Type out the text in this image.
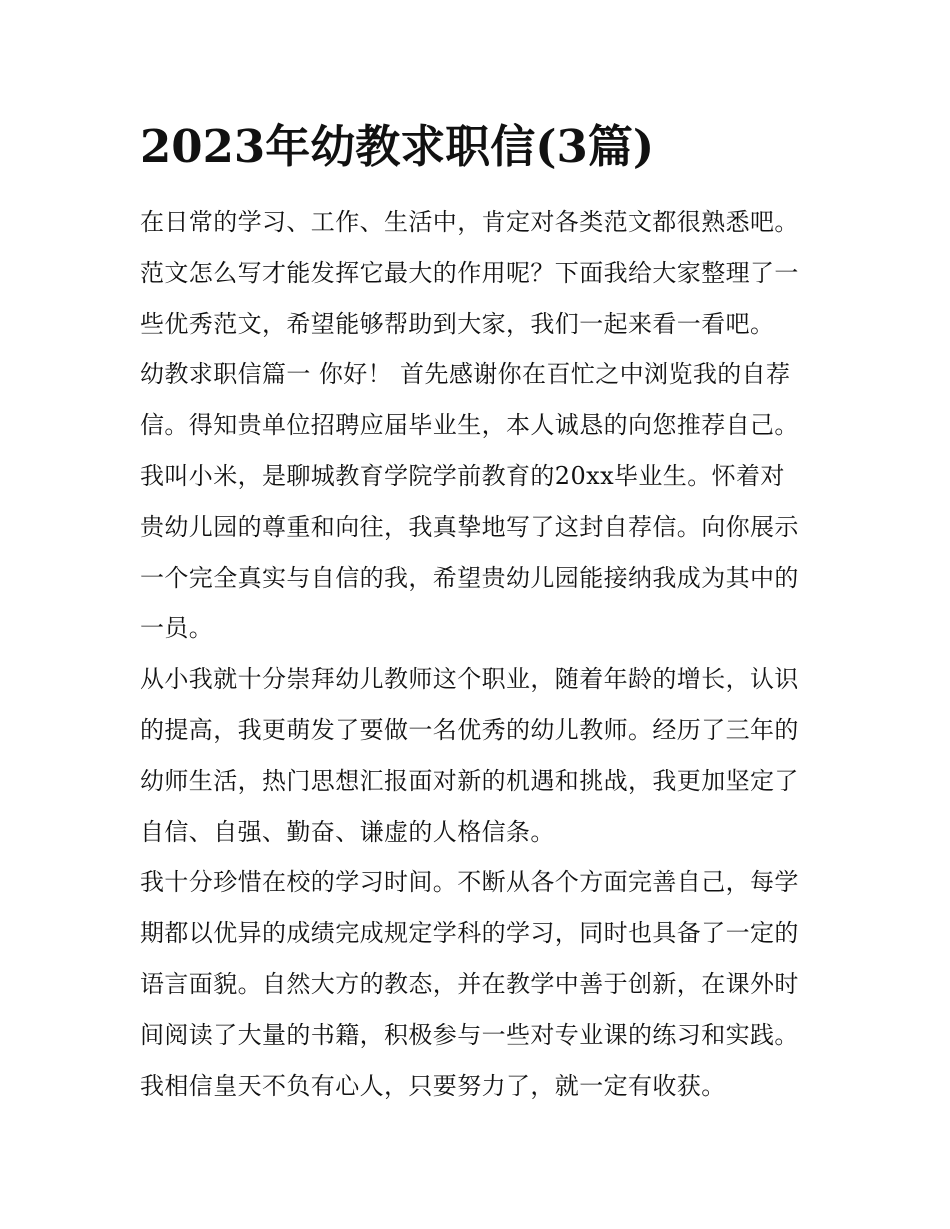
2023年幼教求职信(3篇)
在日常的学习、工作、生活中，肯定对各类范文都很熟悉吧。
范文怎么写才能发挥它最大的作用呢？下面我给大家整理了一
些优秀范文，希望能够帮助到大家，我们一起来看一看吧。
幼教求职信篇一 你好！ 首先感谢你在百忙之中浏览我的自荐
信。得知贵单位招聘应届毕业生，本人诚恳的向您推荐自己。
我叫小米，是聊城教育学院学前教育的20xx毕业生。怀着对
贵幼儿园的尊重和向往，我真挚地写了这封自荐信。向你展示
一个完全真实与自信的我，希望贵幼儿园能接纳我成为其中的
一员。
从小我就十分崇拜幼儿教师这个职业，随着年龄的增长，认识
的提高，我更萌发了要做一名优秀的幼儿教师。经历了三年的
幼师生活，热门思想汇报面对新的机遇和挑战，我更加坚定了
自信、自强、勤奋、谦虚的人格信条。
我十分珍惜在校的学习时间。不断从各个方面完善自己，每学
期都以优异的成绩完成规定学科的学习，同时也具备了一定的
语言面貌。自然大方的教态，并在教学中善于创新，在课外时
间阅读了大量的书籍，积极参与一些对专业课的练习和实践。
我相信皇天不负有心人，只要努力了，就一定有收获。
